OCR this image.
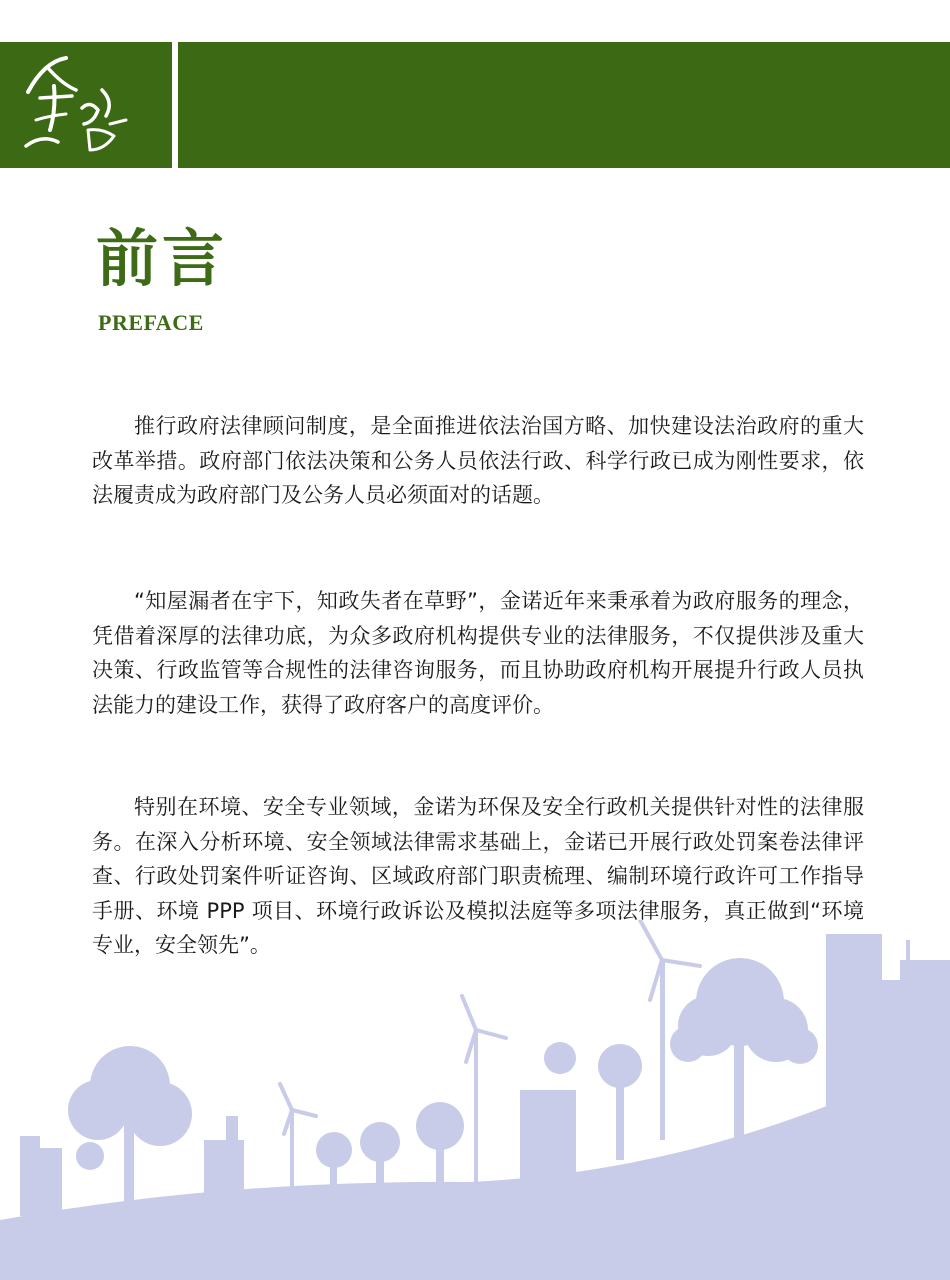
前言

PREFACE

推行政府法律顾问制度，是全面推进依法治国方略、加快建设法治政府的重大改革举措。政府部门依法决策和公务人员依法行政、科学行政已成为刚性要求，依法履责成为政府部门及公务人员必须面对的话题。

“知屋漏者在宇下，知政失者在草野”，金诺近年来秉承着为政府服务的理念，凭借着深厚的法律功底，为众多政府机构提供专业的法律服务，不仅提供涉及重大决策、行政监管等合规性的法律咨询服务，而且协助政府机构开展提升行政人员执法能力的建设工作，获得了政府客户的高度评价。

特别在环境、安全专业领域，金诺为环保及安全行政机关提供针对性的法律服务。在深入分析环境、安全领域法律需求基础上，金诺已开展行政处罚案卷法律评查、行政处罚案件听证咨询、区域政府部门职责梳理、编制环境行政许可工作指导手册、环境 PPP 项目、环境行政诉讼及模拟法庭等多项法律服务，真正做到“环境专业，安全领先”。
